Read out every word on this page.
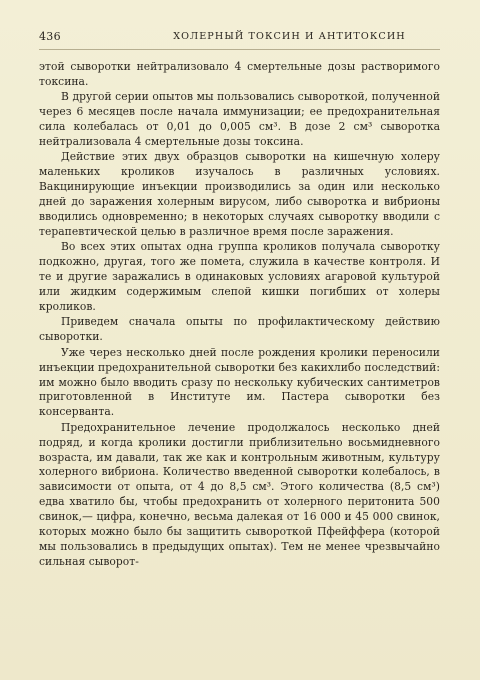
436	ХОЛЕРНЫЙ ТОКСИН И АНТИТОКСИН

этой сыворотки нейтрализовало 4 смертельные дозы растворимого токсина.

В другой серии опытов мы пользовались сывороткой, полученной через 6 месяцев после начала иммунизации; ее предохранительная сила колебалась от 0,01 до 0,005 см³. В дозе 2 см³ сыворотка нейтрализовала 4 смертельные дозы токсина.

Действие этих двух образцов сыворотки на кишечную холеру маленьких кроликов изучалось в различных условиях. Вакцинирующие инъекции производились за один или несколько дней до заражения холерным вирусом, либо сыворотка и вибрионы вводились одновременно; в некоторых случаях сыворотку вводили с терапевтической целью в различное время после заражения.

Во всех этих опытах одна группа кроликов получала сыворотку подкожно, другая, того же помета, служила в качестве контроля. И те и другие заражались в одинаковых условиях агаровой культурой или жидким содержимым слепой кишки погибших от холеры кроликов.

Приведем сначала опыты по профилактическому действию сыворотки.

Уже через несколько дней после рождения кролики переносили инъекции предохранительной сыворотки без какихлибо последствий: им можно было вводить сразу по нескольку кубических сантиметров приготовленной в Институте им. Пастера сыворотки без консерванта.

Предохранительное лечение продолжалось несколько дней подряд, и когда кролики достигли приблизительно восьмидневного возраста, им давали, так же как и контрольным животным, культуру холерного вибриона. Количество введенной сыворотки колебалось, в зависимости от опыта, от 4 до 8,5 см³. Этого количества (8,5 см³) едва хватило бы, чтобы предохранить от холерного перитонита 500 свинок,— цифра, конечно, весьма далекая от 16 000 и 45 000 свинок, которых можно было бы защитить сывороткой Пфейффера (которой мы пользовались в предыдущих опытах). Тем не менее чрезвычайно сильная сыворот-
